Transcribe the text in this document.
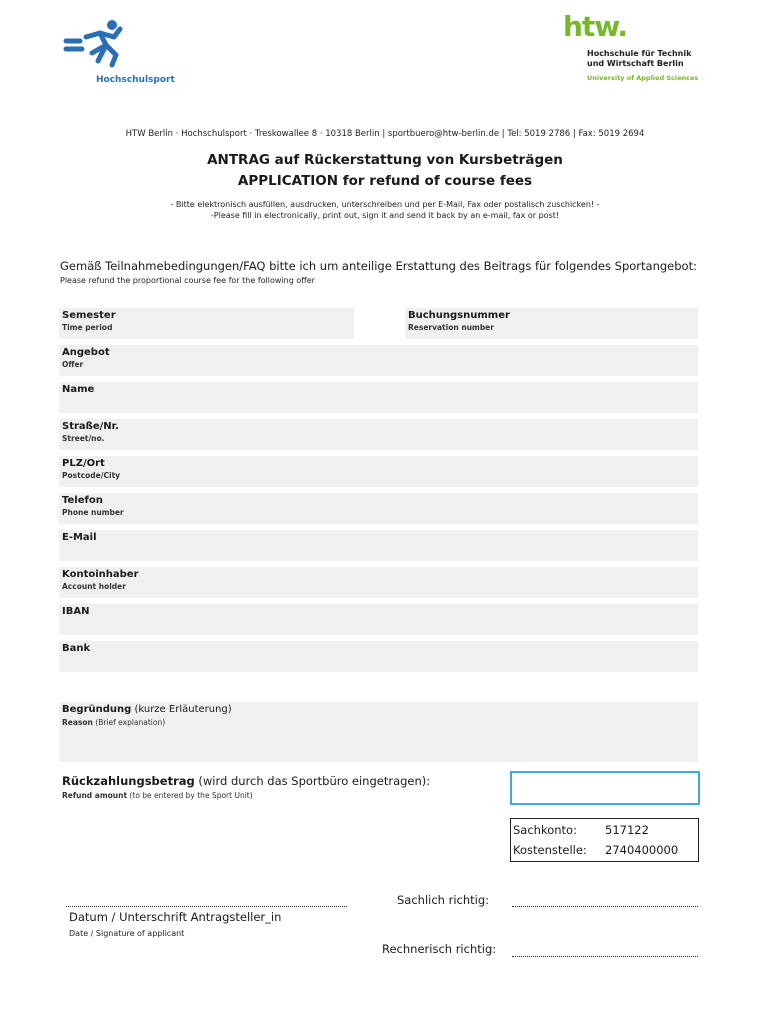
Hochschulsport
htw.
Hochschule für Technik
und Wirtschaft Berlin
University of Applied Sciences
HTW Berlin · Hochschulsport · Treskowallee 8 · 10318 Berlin | sportbuero@htw-berlin.de | Tel: 5019 2786 | Fax: 5019 2694
ANTRAG auf Rückerstattung von Kursbeträgen
APPLICATION for refund of course fees
- Bitte elektronisch ausfüllen, ausdrucken, unterschreiben und per E-Mail, Fax oder postalisch zuschicken! -
-Please fill in electronically, print out, sign it and send it back by an e-mail, fax or post!
Gemäß Teilnahmebedingungen/FAQ bitte ich um anteilige Erstattung des Beitrags für folgendes Sportangebot:
Please refund the proportional course fee for the following offer
Semester
Time period
Buchungsnummer
Reservation number
Angebot
Offer
Name
Straße/Nr.
Street/no.
PLZ/Ort
Postcode/City
Telefon
Phone number
E-Mail
Kontoinhaber
Account holder
IBAN
Bank
Begründung (kurze Erläuterung)
Reason (Brief explanation)
Rückzahlungsbetrag (wird durch das Sportbüro eingetragen):
Refund amount (to be entered by the Sport Unit)
Sachkonto: 517122
Kostenstelle: 2740400000
Datum / Unterschrift Antragsteller_in
Date / Signature of applicant
Sachlich richtig:
Rechnerisch richtig:
